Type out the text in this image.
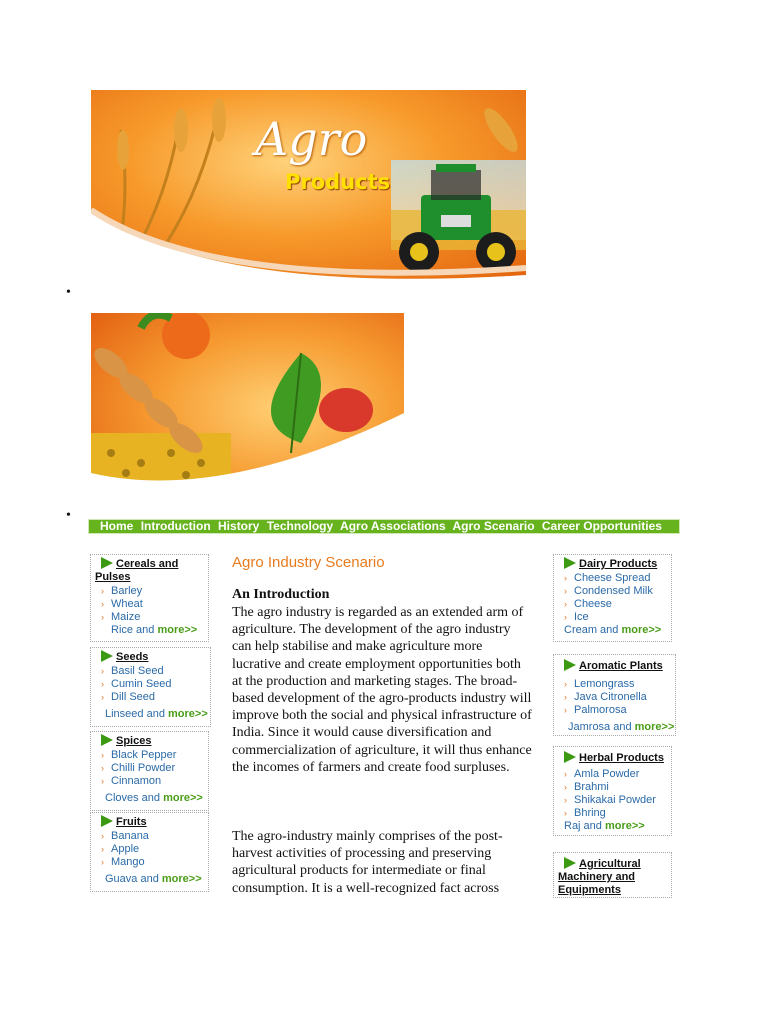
Agro
Products
•
•
Home Introduction History Technology Agro Associations Agro Scenario Career Opportunities
Cereals and Pulses
› Barley
› Wheat
› Maize
Rice and more>>
Seeds
› Basil Seed
› Cumin Seed
› Dill Seed
Linseed and more>>
Spices
› Black Pepper
› Chilli Powder
› Cinnamon
Cloves and more>>
Fruits
› Banana
› Apple
› Mango
Guava and more>>
Agro Industry Scenario
An Introduction
The agro industry is regarded as an extended arm of agriculture. The development of the agro industry can help stabilise and make agriculture more lucrative and create employment opportunities both at the production and marketing stages. The broad-based development of the agro-products industry will improve both the social and physical infrastructure of India. Since it would cause diversification and commercialization of agriculture, it will thus enhance the incomes of farmers and create food surpluses.
The agro-industry mainly comprises of the post-harvest activities of processing and preserving agricultural products for intermediate or final consumption. It is a well-recognized fact across
Dairy Products
› Cheese Spread
› Condensed Milk
› Cheese
› Ice
Cream and more>>
Aromatic Plants
› Lemongrass
› Java Citronella
› Palmorosa
Jamrosa and more>>
Herbal Products
› Amla Powder
› Brahmi
› Shikakai Powder
› Bhring
Raj and more>>
Agricultural Machinery and Equipments
